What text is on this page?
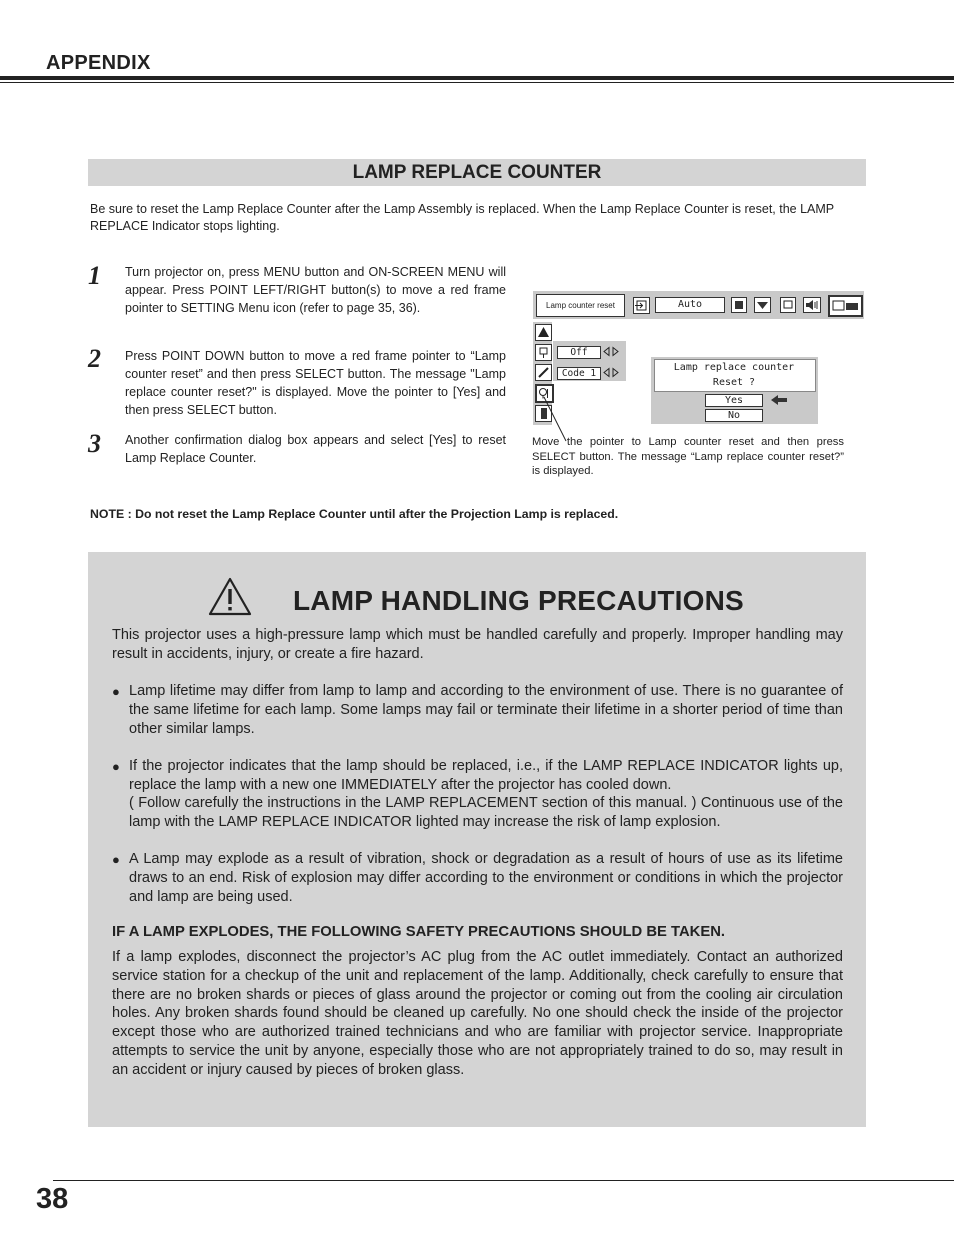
APPENDIX
LAMP REPLACE COUNTER
Be sure to reset the Lamp Replace Counter after the Lamp Assembly is replaced. When the Lamp Replace Counter is reset, the LAMP REPLACE Indicator stops lighting.
1 Turn projector on, press MENU button and ON-SCREEN MENU will appear. Press POINT LEFT/RIGHT button(s) to move a red frame pointer to SETTING Menu icon (refer to page 35, 36).
2 Press POINT DOWN button to move a red frame pointer to “Lamp counter reset” and then press SELECT button. The message "Lamp replace counter reset?" is displayed. Move the pointer to [Yes] and then press SELECT button.
3 Another confirmation dialog box appears and select [Yes] to reset Lamp Replace Counter.
Lamp counter reset	Auto
Off
Code 1
Lamp replace counter
Reset ?
Yes
No
Move the pointer to Lamp counter reset and then press SELECT button. The message “Lamp replace counter reset?” is displayed.
NOTE : Do not reset the Lamp Replace Counter until after the Projection Lamp is replaced.
LAMP HANDLING PRECAUTIONS
This projector uses a high-pressure lamp which must be handled carefully and properly. Improper handling may result in accidents, injury, or create a fire hazard.
● Lamp lifetime may differ from lamp to lamp and according to the environment of use. There is no guarantee of the same lifetime for each lamp. Some lamps may fail or terminate their lifetime in a shorter period of time than other similar lamps.
● If the projector indicates that the lamp should be replaced, i.e., if the LAMP REPLACE INDICATOR lights up, replace the lamp with a new one IMMEDIATELY after the projector has cooled down.
( Follow carefully the instructions in the LAMP REPLACEMENT section of this manual. ) Continuous use of the lamp with the LAMP REPLACE INDICATOR lighted may increase the risk of lamp explosion.
● A Lamp may explode as a result of vibration, shock or degradation as a result of hours of use as its lifetime draws to an end. Risk of explosion may differ according to the environment or conditions in which the projector and lamp are being used.
IF A LAMP EXPLODES, THE FOLLOWING SAFETY PRECAUTIONS SHOULD BE TAKEN.
If a lamp explodes, disconnect the projector’s AC plug from the AC outlet immediately. Contact an authorized service station for a checkup of the unit and replacement of the lamp. Additionally, check carefully to ensure that there are no broken shards or pieces of glass around the projector or coming out from the cooling air circulation holes. Any broken shards found should be cleaned up carefully. No one should check the inside of the projector except those who are authorized trained technicians and who are familiar with projector service. Inappropriate attempts to service the unit by anyone, especially those who are not appropriately trained to do so, may result in an accident or injury caused by pieces of broken glass.
38
